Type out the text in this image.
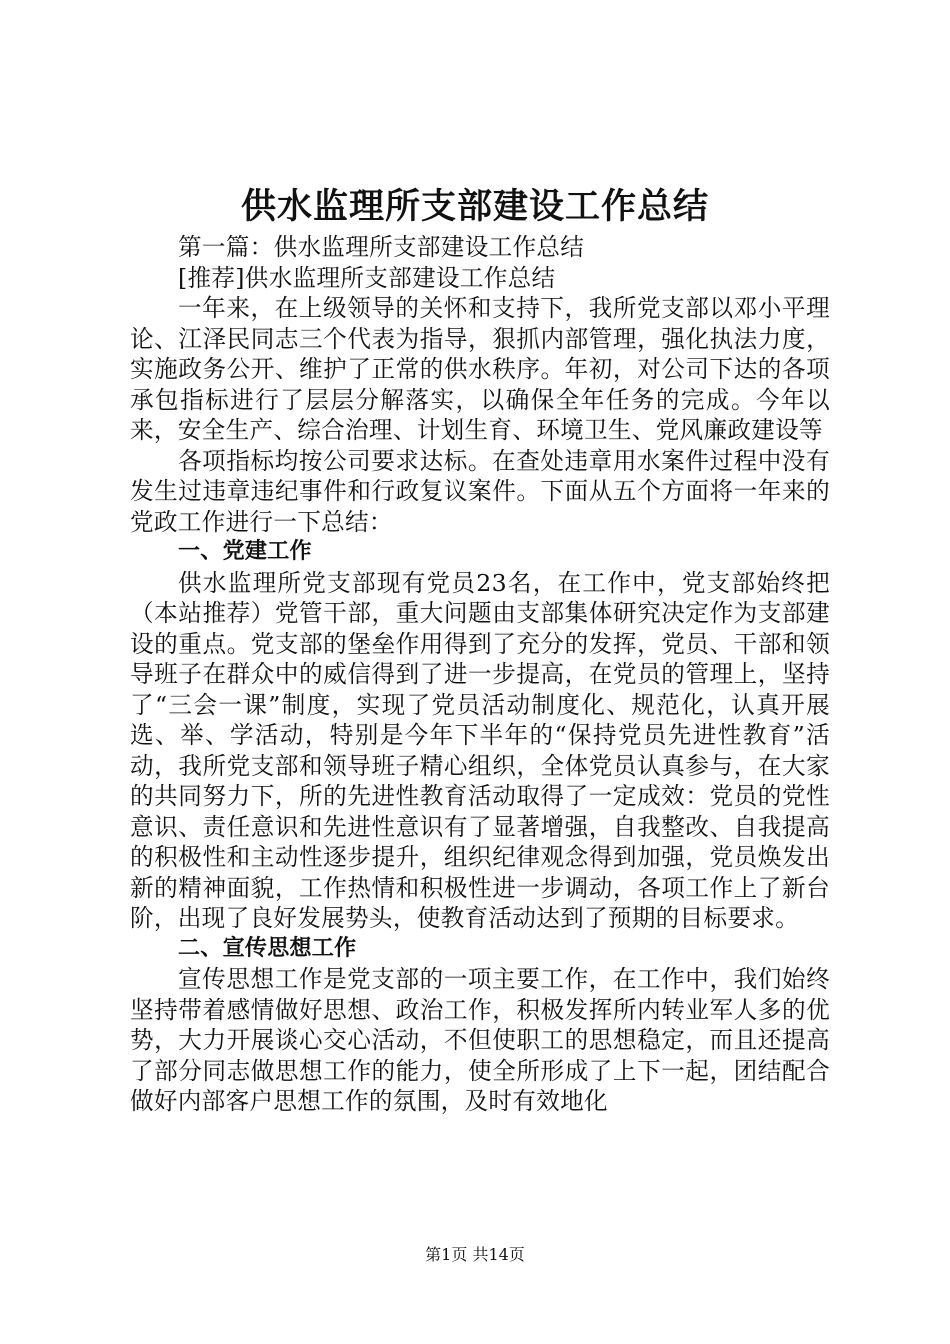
供水监理所支部建设工作总结

第一篇：供水监理所支部建设工作总结

[推荐]供水监理所支部建设工作总结

一年来，在上级领导的关怀和支持下，我所党支部以邓小平理论、江泽民同志三个代表为指导，狠抓内部管理，强化执法力度，实施政务公开、维护了正常的供水秩序。年初，对公司下达的各项承包指标进行了层层分解落实，以确保全年任务的完成。今年以来，安全生产、综合治理、计划生育、环境卫生、党风廉政建设等

各项指标均按公司要求达标。在查处违章用水案件过程中没有发生过违章违纪事件和行政复议案件。下面从五个方面将一年来的党政工作进行一下总结：

一、党建工作

供水监理所党支部现有党员23名，在工作中，党支部始终把（本站推荐）党管干部，重大问题由支部集体研究决定作为支部建设的重点。党支部的堡垒作用得到了充分的发挥，党员、干部和领导班子在群众中的威信得到了进一步提高，在党员的管理上，坚持了“三会一课”制度，实现了党员活动制度化、规范化，认真开展选、举、学活动，特别是今年下半年的“保持党员先进性教育”活动，我所党支部和领导班子精心组织，全体党员认真参与，在大家的共同努力下，所的先进性教育活动取得了一定成效：党员的党性意识、责任意识和先进性意识有了显著增强，自我整改、自我提高的积极性和主动性逐步提升，组织纪律观念得到加强，党员焕发出新的精神面貌，工作热情和积极性进一步调动，各项工作上了新台阶，出现了良好发展势头，使教育活动达到了预期的目标要求。

二、宣传思想工作

宣传思想工作是党支部的一项主要工作，在工作中，我们始终坚持带着感情做好思想、政治工作，积极发挥所内转业军人多的优势，大力开展谈心交心活动，不但使职工的思想稳定，而且还提高了部分同志做思想工作的能力，使全所形成了上下一起，团结配合做好内部客户思想工作的氛围，及时有效地化

第1页 共14页
